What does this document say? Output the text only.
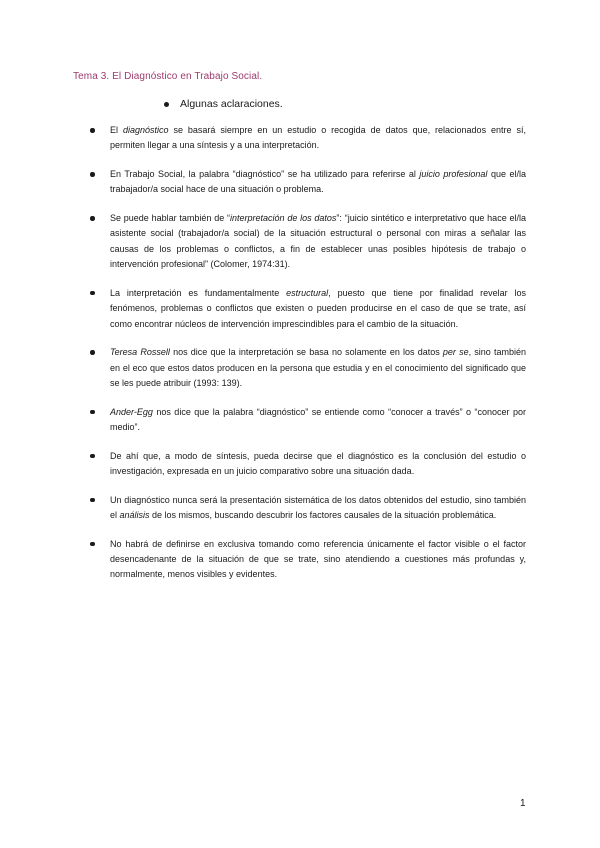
Tema 3. El Diagnóstico en Trabajo Social.
Algunas aclaraciones.
El diagnóstico se basará siempre en un estudio o recogida de datos que, relacionados entre sí, permiten llegar a una síntesis y a una interpretación.
En Trabajo Social, la palabra “diagnóstico” se ha utilizado para referirse al juicio profesional que el/la trabajador/a social hace de una situación o problema.
Se puede hablar también de “interpretación de los datos”: “juicio sintético e interpretativo que hace el/la asistente social (trabajador/a social) de la situación estructural o personal con miras a señalar las causas de los problemas o conflictos, a fin de establecer unas posibles hipótesis de trabajo o intervención profesional” (Colomer, 1974:31).
La interpretación es fundamentalmente estructural, puesto que tiene por finalidad revelar los fenómenos, problemas o conflictos que existen o pueden producirse en el caso de que se trate, así como encontrar núcleos de intervención imprescindibles para el cambio de la situación.
Teresa Rossell nos dice que la interpretación se basa no solamente en los datos per se, sino también en el eco que estos datos producen en la persona que estudia y en el conocimiento del significado que se les puede atribuir (1993: 139).
Ander-Egg nos dice que la palabra “diagnóstico” se entiende como “conocer a través” o “conocer por medio”.
De ahí que, a modo de síntesis, pueda decirse que el diagnóstico es la conclusión del estudio o investigación, expresada en un juicio comparativo sobre una situación dada.
Un diagnóstico nunca será la presentación sistemática de los datos obtenidos del estudio, sino también el análisis de los mismos, buscando descubrir los factores causales de la situación problemática.
No habrá de definirse en exclusiva tomando como referencia únicamente el factor visible o el factor desencadenante de la situación de que se trate, sino atendiendo a cuestiones más profundas y, normalmente, menos visibles y evidentes.
1
